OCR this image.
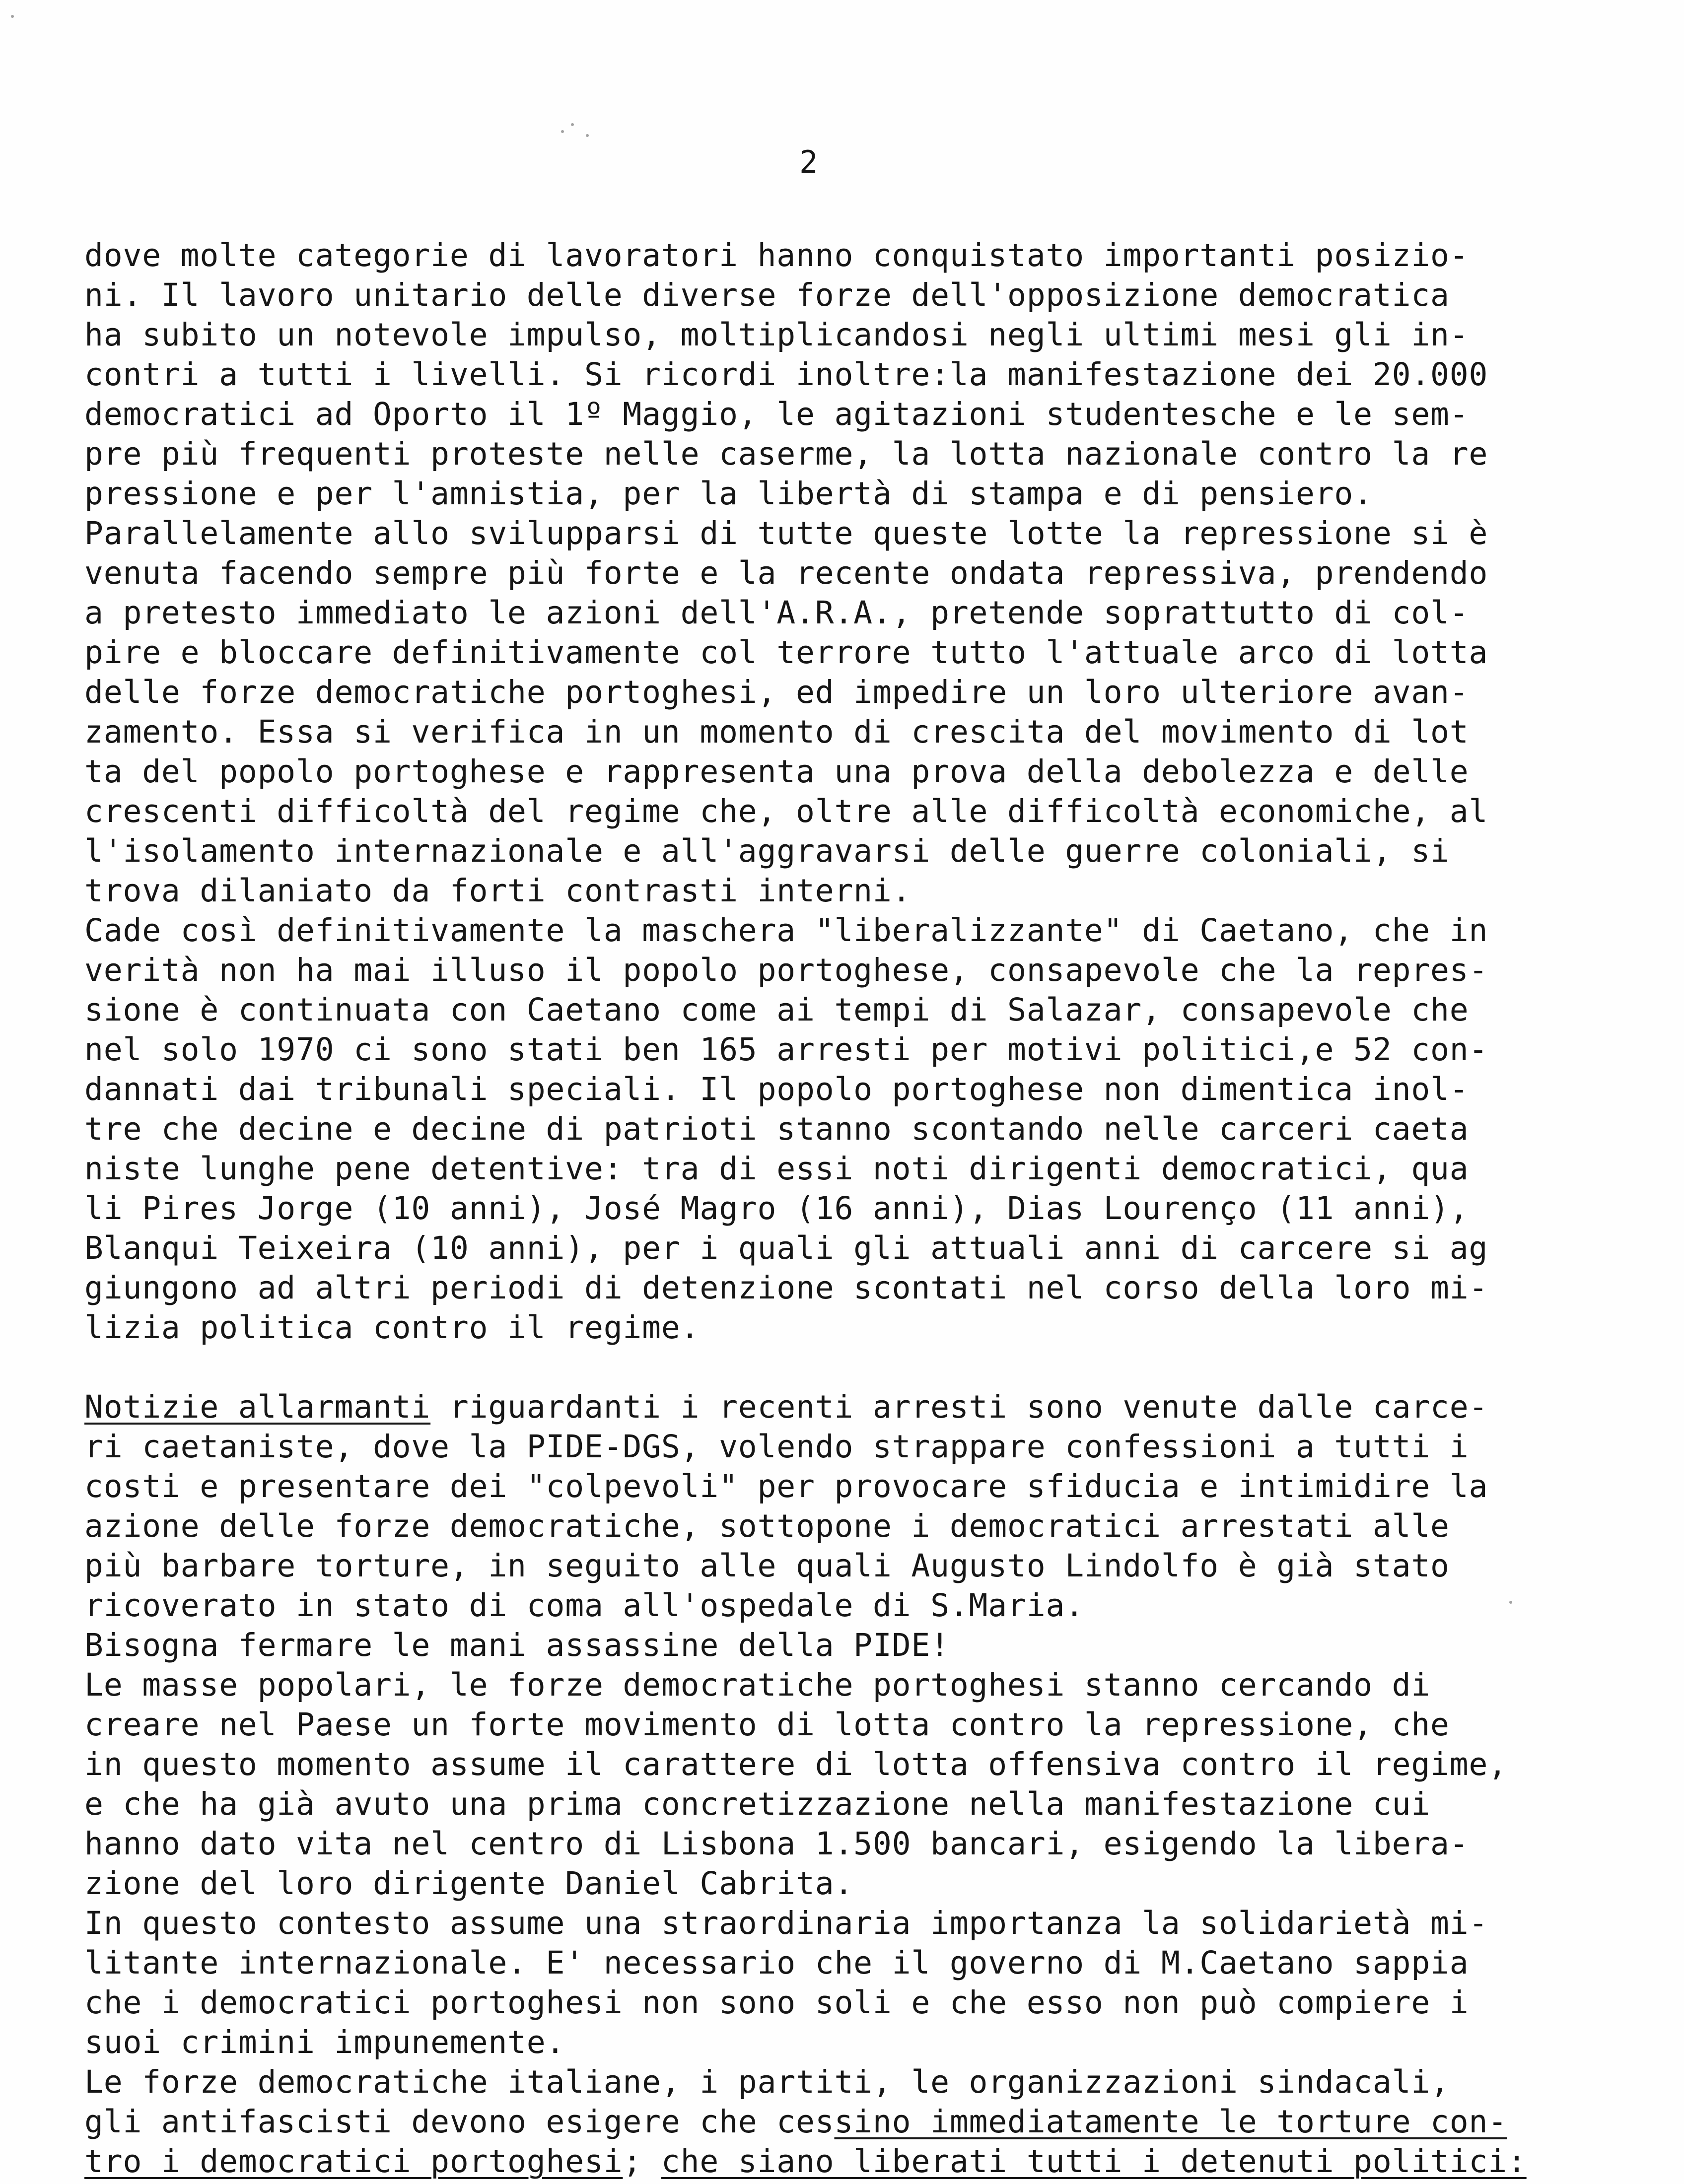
2
dove molte categorie di lavoratori hanno conquistato importanti posizio-
ni. Il lavoro unitario delle diverse forze dell'opposizione democratica
ha subito un notevole impulso, moltiplicandosi negli ultimi mesi gli in-
contri a tutti i livelli. Si ricordi inoltre:la manifestazione dei 20.000
democratici ad Oporto il 1º Maggio, le agitazioni studentesche e le sem-
pre più frequenti proteste nelle caserme, la lotta nazionale contro la re
pressione e per l'amnistia, per la libertà di stampa e di pensiero.
Parallelamente allo svilupparsi di tutte queste lotte la repressione si è
venuta facendo sempre più forte e la recente ondata repressiva, prendendo
a pretesto immediato le azioni dell'A.R.A., pretende soprattutto di col-
pire e bloccare definitivamente col terrore tutto l'attuale arco di lotta
delle forze democratiche portoghesi, ed impedire un loro ulteriore avan-
zamento. Essa si verifica in un momento di crescita del movimento di lot
ta del popolo portoghese e rappresenta una prova della debolezza e delle
crescenti difficoltà del regime che, oltre alle difficoltà economiche, al
l'isolamento internazionale e all'aggravarsi delle guerre coloniali, si
trova dilaniato da forti contrasti interni.
Cade così definitivamente la maschera "liberalizzante" di Caetano, che in
verità non ha mai illuso il popolo portoghese, consapevole che la repres-
sione è continuata con Caetano come ai tempi di Salazar, consapevole che
nel solo 1970 ci sono stati ben 165 arresti per motivi politici,e 52 con-
dannati dai tribunali speciali. Il popolo portoghese non dimentica inol-
tre che decine e decine di patrioti stanno scontando nelle carceri caeta
niste lunghe pene detentive: tra di essi noti dirigenti democratici, qua
li Pires Jorge (10 anni), José Magro (16 anni), Dias Lourenço (11 anni),
Blanqui Teixeira (10 anni), per i quali gli attuali anni di carcere si ag
giungono ad altri periodi di detenzione scontati nel corso della loro mi-
lizia politica contro il regime.
Notizie allarmanti riguardanti i recenti arresti sono venute dalle carce-
ri caetaniste, dove la PIDE-DGS, volendo strappare confessioni a tutti i
costi e presentare dei "colpevoli" per provocare sfiducia e intimidire la
azione delle forze democratiche, sottopone i democratici arrestati alle
più barbare torture, in seguito alle quali Augusto Lindolfo è già stato
ricoverato in stato di coma all'ospedale di S.Maria.
Bisogna fermare le mani assassine della PIDE!
Le masse popolari, le forze democratiche portoghesi stanno cercando di
creare nel Paese un forte movimento di lotta contro la repressione, che
in questo momento assume il carattere di lotta offensiva contro il regime,
e che ha già avuto una prima concretizzazione nella manifestazione cui
hanno dato vita nel centro di Lisbona 1.500 bancari, esigendo la libera-
zione del loro dirigente Daniel Cabrita.
In questo contesto assume una straordinaria importanza la solidarietà mi-
litante internazionale. E' necessario che il governo di M.Caetano sappia
che i democratici portoghesi non sono soli e che esso non può compiere i
suoi crimini impunemente.
Le forze democratiche italiane, i partiti, le organizzazioni sindacali,
gli antifascisti devono esigere che cessino immediatamente le torture con-
tro i democratici portoghesi; che siano liberati tutti i detenuti politici:
